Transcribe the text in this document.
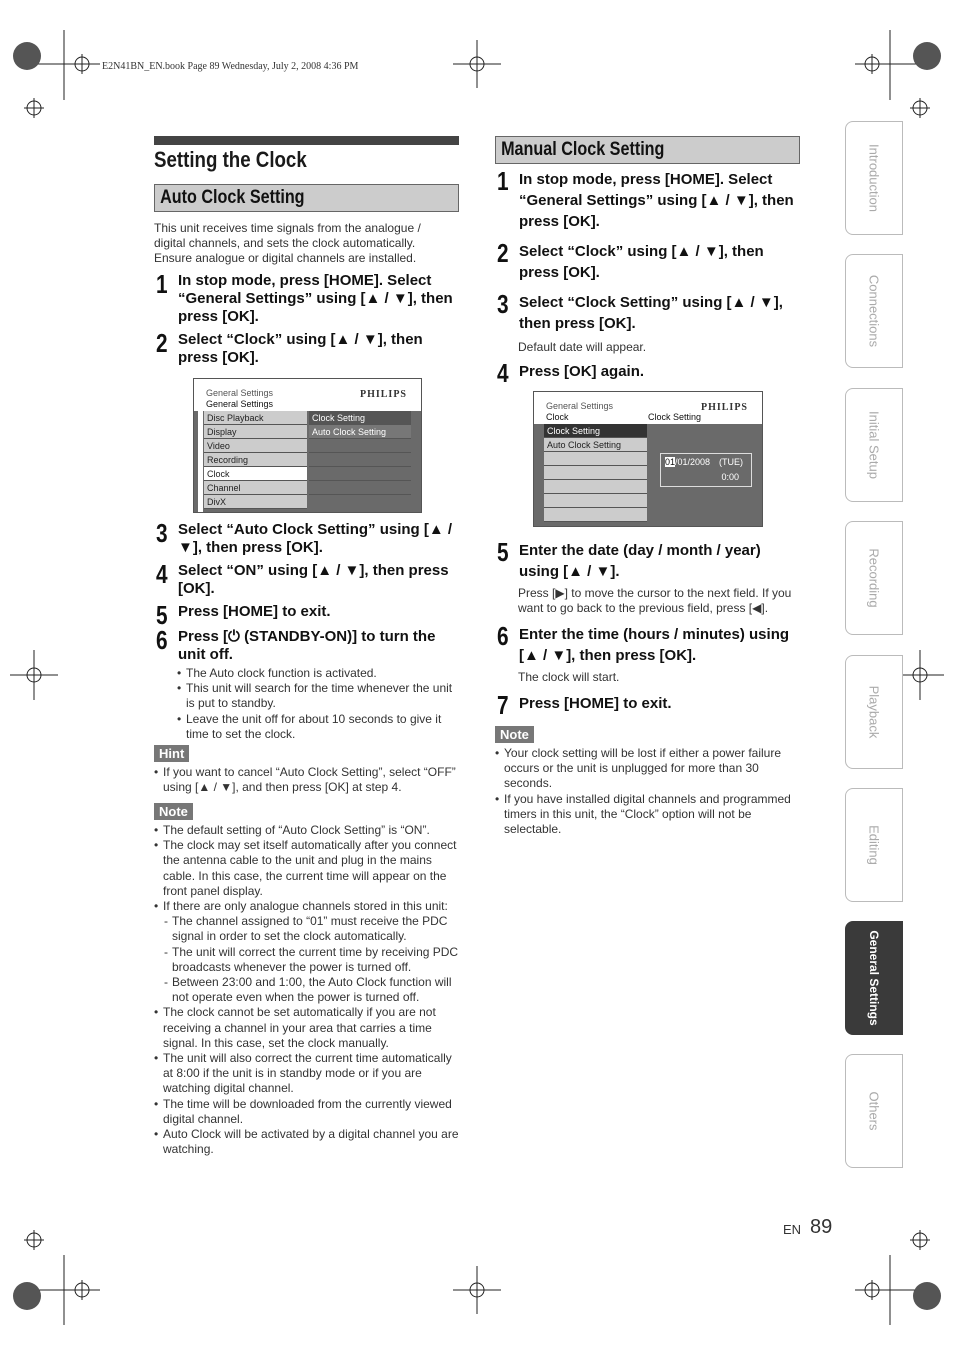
E2N41BN_EN.book Page 89 Wednesday, July 2, 2008 4:36 PM
Setting the Clock
Auto Clock Setting
This unit receives time signals from the analogue / digital channels, and sets the clock automatically. Ensure analogue or digital channels are installed.
1 In stop mode, press [HOME]. Select “General Settings” using [▲ / ▼], then press [OK].
2 Select “Clock” using [▲ / ▼], then press [OK].
General Settings
General Settings
PHILIPS
Disc Playback
Display
Video
Recording
Clock
Channel
DivX
Clock Setting
Auto Clock Setting
3 Select “Auto Clock Setting” using [▲ / ▼], then press [OK].
4 Select “ON” using [▲ / ▼], then press [OK].
5 Press [HOME] to exit.
6 Press [⏻ (STANDBY-ON)] to turn the unit off.
• The Auto clock function is activated.
• This unit will search for the time whenever the unit is put to standby.
• Leave the unit off for about 10 seconds to give it time to set the clock.
Hint
• If you want to cancel “Auto Clock Setting”, select “OFF” using [▲ / ▼], and then press [OK] at step 4.
Note
• The default setting of “Auto Clock Setting” is “ON”.
• The clock may set itself automatically after you connect the antenna cable to the unit and plug in the mains cable. In this case, the current time will appear on the front panel display.
• If there are only analogue channels stored in this unit:
- The channel assigned to “01” must receive the PDC signal in order to set the clock automatically.
- The unit will correct the current time by receiving PDC broadcasts whenever the power is turned off.
- Between 23:00 and 1:00, the Auto Clock function will not operate even when the power is turned off.
• The clock cannot be set automatically if you are not receiving a channel in your area that carries a time signal. In this case, set the clock manually.
• The unit will also correct the current time automatically at 8:00 if the unit is in standby mode or if you are watching digital channel.
• The time will be downloaded from the currently viewed digital channel.
• Auto Clock will be activated by a digital channel you are watching.
Manual Clock Setting
1 In stop mode, press [HOME]. Select “General Settings” using [▲ / ▼], then press [OK].
2 Select “Clock” using [▲ / ▼], then press [OK].
3 Select “Clock Setting” using [▲ / ▼], then press [OK].
Default date will appear.
4 Press [OK] again.
General Settings
Clock	Clock Setting
PHILIPS
Clock Setting
Auto Clock Setting
01/01/2008 (TUE)
0:00
5 Enter the date (day / month / year) using [▲ / ▼].
Press [▶] to move the cursor to the next field. If you want to go back to the previous field, press [◀].
6 Enter the time (hours / minutes) using [▲ / ▼], then press [OK].
The clock will start.
7 Press [HOME] to exit.
Note
• Your clock setting will be lost if either a power failure occurs or the unit is unplugged for more than 30 seconds.
• If you have installed digital channels and programmed timers in this unit, the “Clock” option will not be selectable.
Introduction
Connections
Initial Setup
Recording
Playback
Editing
General Settings
Others
EN 89
